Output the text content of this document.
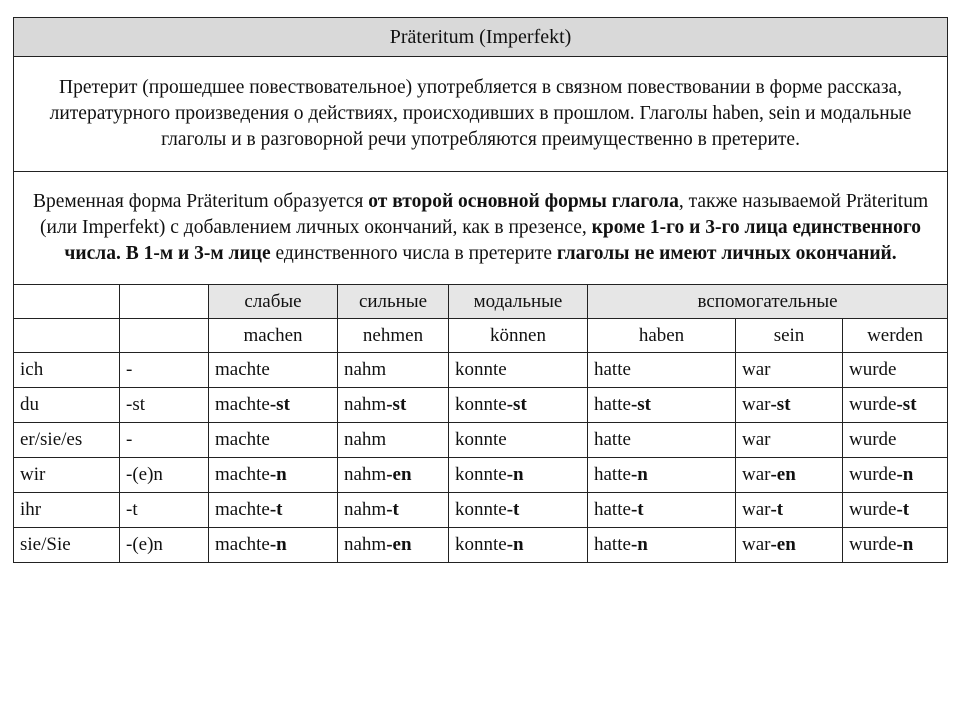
Präteritum (Imperfekt)							
Претерит (прошедшее повествовательное) употребляется в связном повествовании в форме рассказа, литературного произведения о действиях, происходивших в прошлом. Глаголы haben, sein и модальные глаголы и в разговорной речи употребляются преимущественно в претерите.							
Временная форма Präteritum образуется от второй основной формы глагола, также называемой Präteritum (или Imperfekt) с добавлением личных окончаний, как в презенсе, кроме 1-го и 3-го лица единственного числа. В 1-м и 3-м лице единственного числа в претерите глаголы не имеют личных окончаний.							
		слабые	сильные	модальные	вспомогательные		
		machen	nehmen	können	haben	sein	werden
ich	-	machte	nahm	konnte	hatte	war	wurde
du	-st	machte-st	nahm-st	konnte-st	hatte-st	war-st	wurde-st
er/sie/es	-	machte	nahm	konnte	hatte	war	wurde
wir	-(e)n	machte-n	nahm-en	konnte-n	hatte-n	war-en	wurde-n
ihr	-t	machte-t	nahm-t	konnte-t	hatte-t	war-t	wurde-t
sie/Sie	-(e)n	machte-n	nahm-en	konnte-n	hatte-n	war-en	wurde-n
